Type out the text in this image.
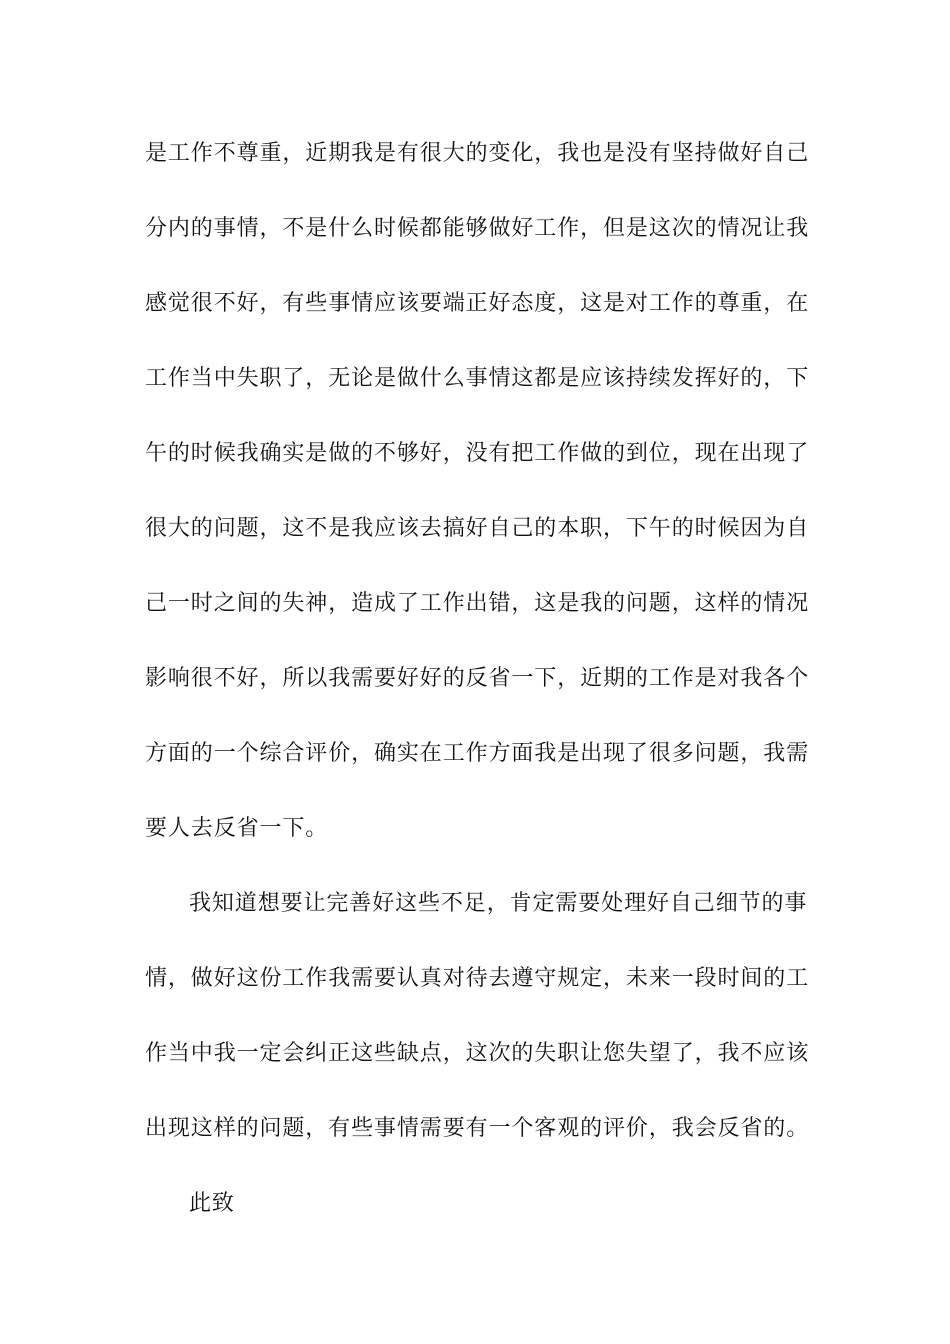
是工作不尊重，近期我是有很大的变化，我也是没有坚持做好自己
分内的事情，不是什么时候都能够做好工作，但是这次的情况让我
感觉很不好，有些事情应该要端正好态度，这是对工作的尊重，在
工作当中失职了，无论是做什么事情这都是应该持续发挥好的，下
午的时候我确实是做的不够好，没有把工作做的到位，现在出现了
很大的问题，这不是我应该去搞好自己的本职，下午的时候因为自
己一时之间的失神，造成了工作出错，这是我的问题，这样的情况
影响很不好，所以我需要好好的反省一下，近期的工作是对我各个
方面的一个综合评价，确实在工作方面我是出现了很多问题，我需
要人去反省一下。
我知道想要让完善好这些不足，肯定需要处理好自己细节的事
情，做好这份工作我需要认真对待去遵守规定，未来一段时间的工
作当中我一定会纠正这些缺点，这次的失职让您失望了，我不应该
出现这样的问题，有些事情需要有一个客观的评价，我会反省的。
此致
